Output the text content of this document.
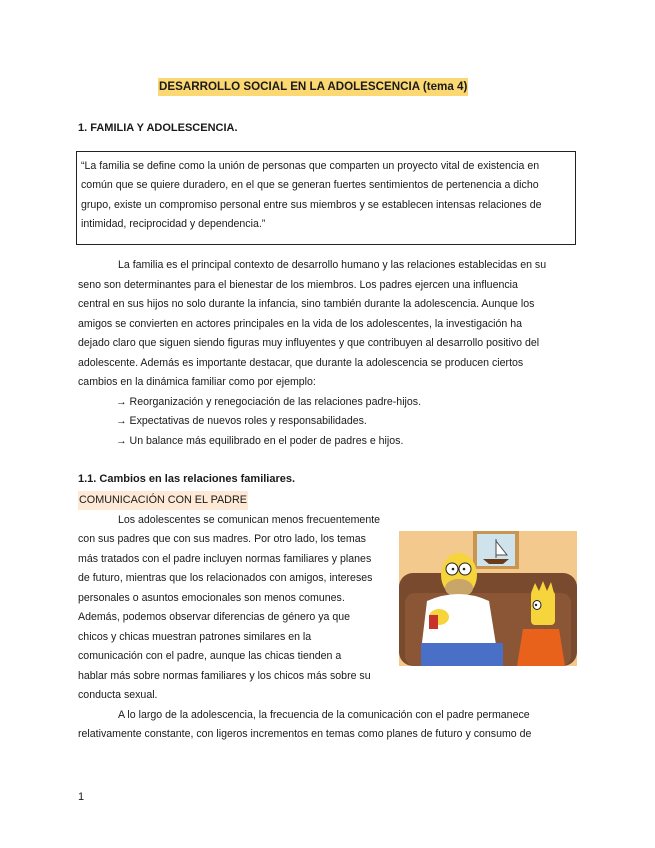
DESARROLLO SOCIAL EN LA ADOLESCENCIA (tema 4)
1. FAMILIA Y ADOLESCENCIA.
“La familia se define como la unión de personas que comparten un proyecto vital de existencia en
común que se quiere duradero, en el que se generan fuertes sentimientos de pertenencia a dicho
grupo, existe un compromiso personal entre sus miembros y se establecen intensas relaciones de
intimidad, reciprocidad y dependencia.”
La familia es el principal contexto de desarrollo humano y las relaciones establecidas en su
seno son determinantes para el bienestar de los miembros. Los padres ejercen una influencia
central en sus hijos no solo durante la infancia, sino también durante la adolescencia. Aunque los
amigos se convierten en actores principales en la vida de los adolescentes, la investigación ha
dejado claro que siguen siendo figuras muy influyentes y que contribuyen al desarrollo positivo del
adolescente. Además es importante destacar, que durante la adolescencia se producen ciertos
cambios en la dinámica familiar como por ejemplo:
→ Reorganización y renegociación de las relaciones padre-hijos.
→ Expectativas de nuevos roles y responsabilidades.
→ Un balance más equilibrado en el poder de padres e hijos.
1.1. Cambios en las relaciones familiares.
COMUNICACIÓN CON EL PADRE
Los adolescentes se comunican menos frecuentemente
con sus padres que con sus madres. Por otro lado, los temas
más tratados con el padre incluyen normas familiares y planes
de futuro, mientras que los relacionados con amigos, intereses
personales o asuntos emocionales son menos comunes.
Además, podemos observar diferencias de género ya que
chicos y chicas muestran patrones similares en la
comunicación con el padre, aunque las chicas tienden a
hablar más sobre normas familiares y los chicos más sobre su
conducta sexual.
A lo largo de la adolescencia, la frecuencia de la comunicación con el padre permanece
relativamente constante, con ligeros incrementos en temas como planes de futuro y consumo de
1
